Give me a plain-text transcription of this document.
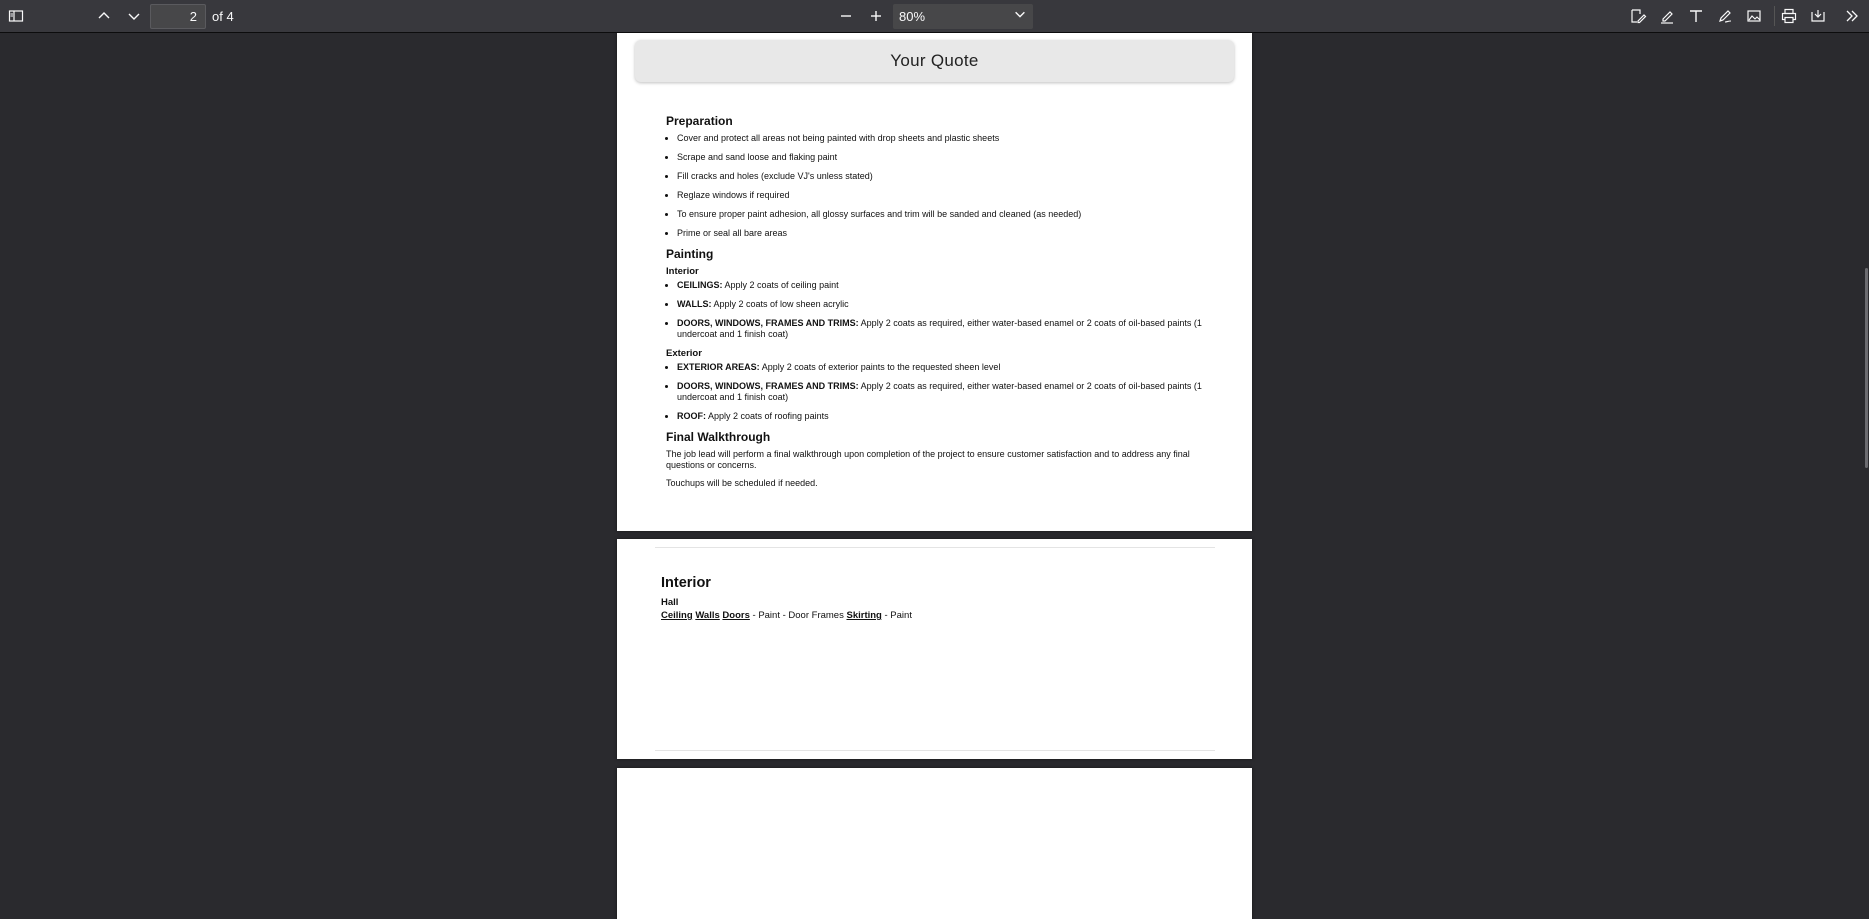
2
of 4	80%
Your Quote
Preparation
• Cover and protect all areas not being painted with drop sheets and plastic sheets
• Scrape and sand loose and flaking paint
• Fill cracks and holes (exclude VJ's unless stated)
• Reglaze windows if required
• To ensure proper paint adhesion, all glossy surfaces and trim will be sanded and cleaned (as needed)
• Prime or seal all bare areas
Painting
Interior
• CEILINGS: Apply 2 coats of ceiling paint
• WALLS: Apply 2 coats of low sheen acrylic
• DOORS, WINDOWS, FRAMES AND TRIMS: Apply 2 coats as required, either water-based enamel or 2 coats of oil-based paints (1 undercoat and 1 finish coat)
Exterior
• EXTERIOR AREAS: Apply 2 coats of exterior paints to the requested sheen level
• DOORS, WINDOWS, FRAMES AND TRIMS: Apply 2 coats as required, either water-based enamel or 2 coats of oil-based paints (1 undercoat and 1 finish coat)
• ROOF: Apply 2 coats of roofing paints
Final Walkthrough

The job lead will perform a final walkthrough upon completion of the project to ensure customer satisfaction and to address any final questions or concerns.

Touchups will be scheduled if needed.

Interior
Hall
Ceiling Walls Doors - Paint - Door Frames Skirting - Paint
